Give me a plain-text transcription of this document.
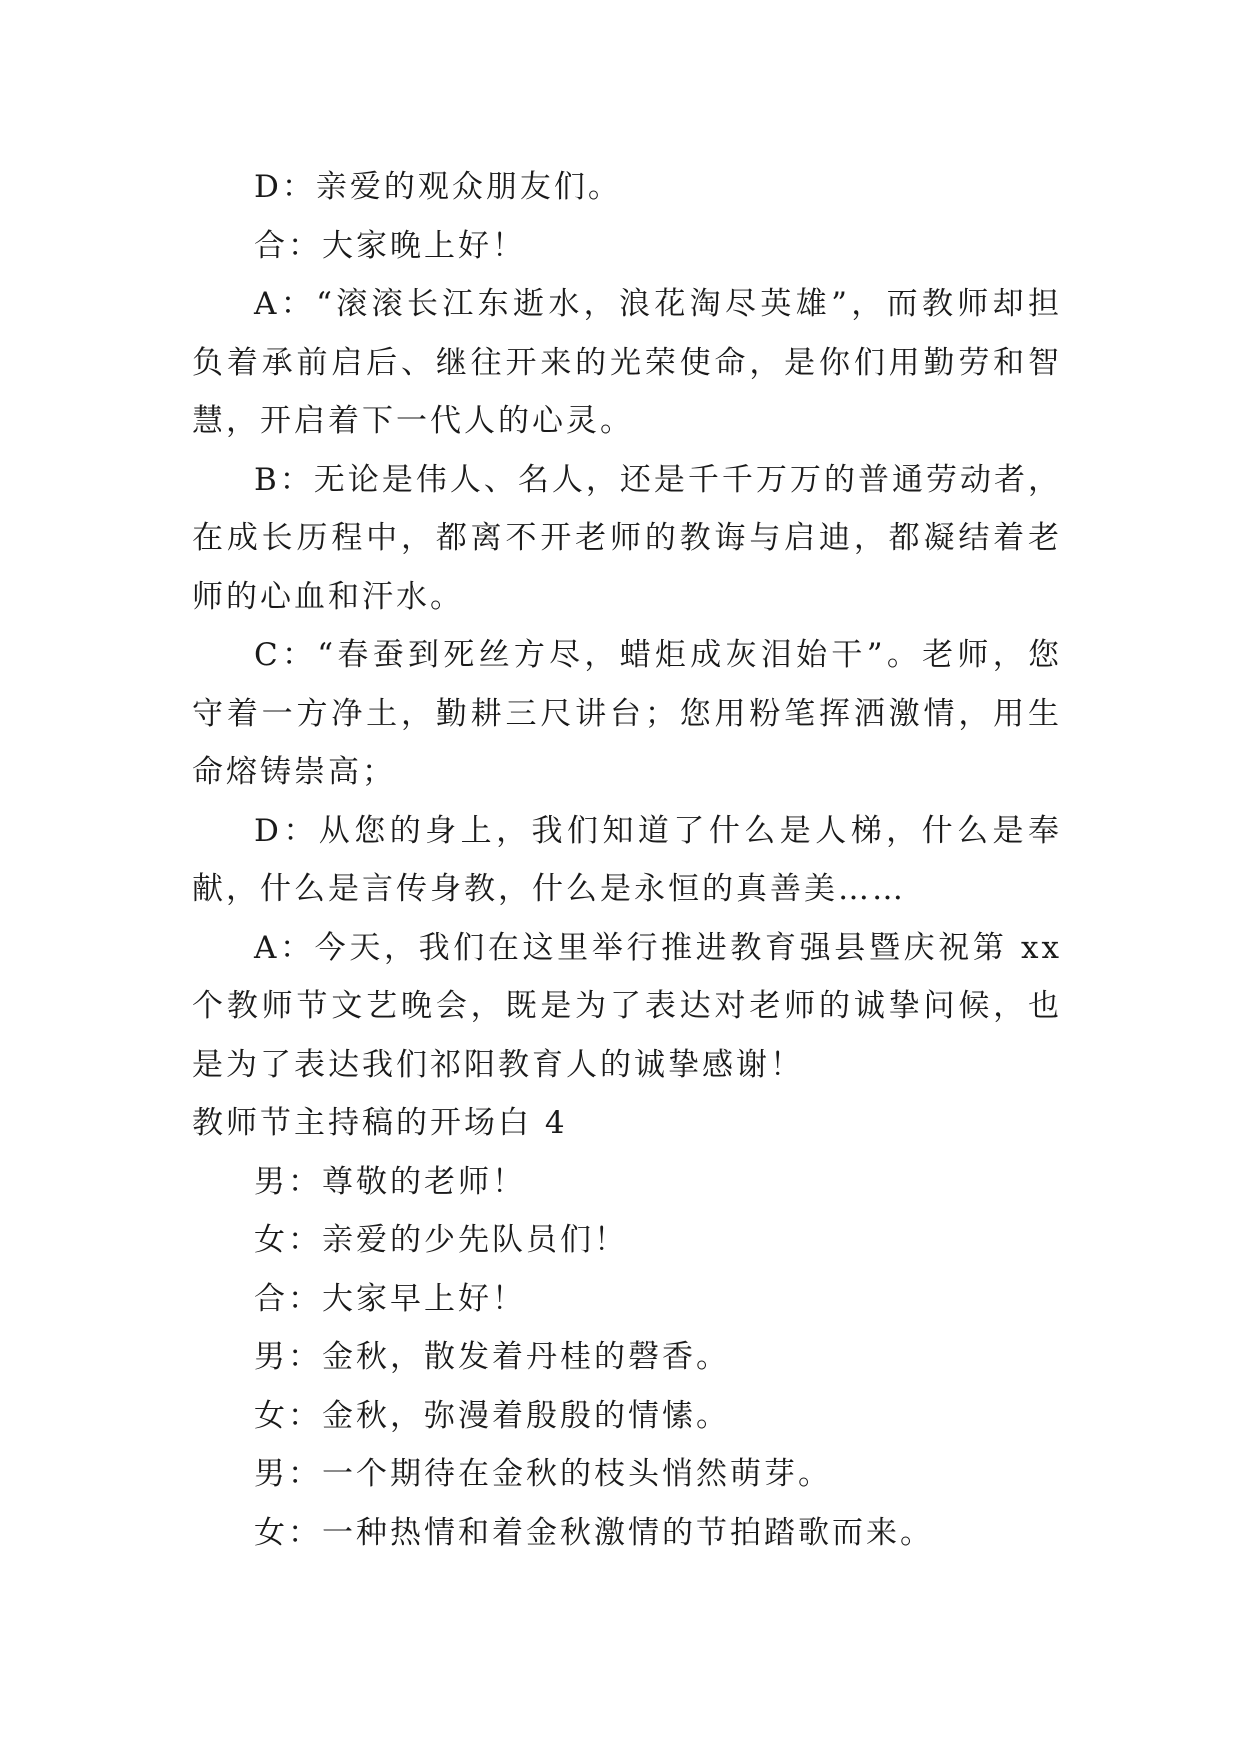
D：亲爱的观众朋友们。

合：大家晚上好！

A：“滚滚长江东逝水，浪花淘尽英雄”，而教师却担负着承前启后、继往开来的光荣使命，是你们用勤劳和智慧，开启着下一代人的心灵。

B：无论是伟人、名人，还是千千万万的普通劳动者，在成长历程中，都离不开老师的教诲与启迪，都凝结着老师的心血和汗水。

C：“春蚕到死丝方尽，蜡炬成灰泪始干”。老师，您守着一方净土，勤耕三尺讲台；您用粉笔挥洒激情，用生命熔铸崇高；

D：从您的身上，我们知道了什么是人梯，什么是奉献，什么是言传身教，什么是永恒的真善美……

A：今天，我们在这里举行推进教育强县暨庆祝第 xx 个教师节文艺晚会，既是为了表达对老师的诚挚问候，也是为了表达我们祁阳教育人的诚挚感谢！

教师节主持稿的开场白 4

男：尊敬的老师！

女：亲爱的少先队员们！

合：大家早上好！

男：金秋，散发着丹桂的磬香。

女：金秋，弥漫着殷殷的情愫。

男：一个期待在金秋的枝头悄然萌芽。

女：一种热情和着金秋激情的节拍踏歌而来。
